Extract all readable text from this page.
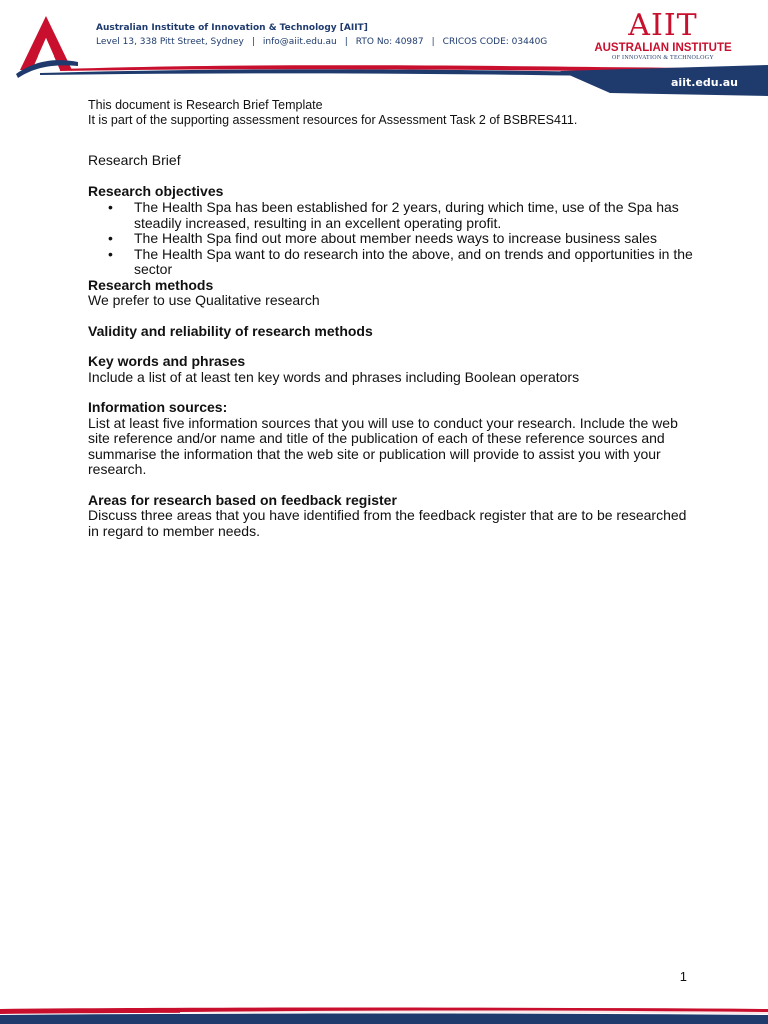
Australian Institute of Innovation & Technology [AIIT]
Level 13, 338 Pitt Street, Sydney | info@aiit.edu.au | RTO No: 40987 | CRICOS CODE: 03440G	AIIT
AUSTRALIAN INSTITUTE
OF INNOVATION & TECHNOLOGY
aiit.edu.au

This document is Research Brief Template

It is part of the supporting assessment resources for Assessment Task 2 of BSBRES411.

Research Brief

Research objectives

• The Health Spa has been established for 2 years, during which time, use of the Spa has steadily increased, resulting in an excellent operating profit.
• The Health Spa find out more about member needs ways to increase business sales
• The Health Spa want to do research into the above, and on trends and opportunities in the sector

Research methods

We prefer to use Qualitative research

Validity and reliability of research methods

Key words and phrases

Include a list of at least ten key words and phrases including Boolean operators

Information sources:

List at least five information sources that you will use to conduct your research. Include the web site reference and/or name and title of the publication of each of these reference sources and summarise the information that the web site or publication will provide to assist you with your research.

Areas for research based on feedback register

Discuss three areas that you have identified from the feedback register that are to be researched in regard to member needs.

1
